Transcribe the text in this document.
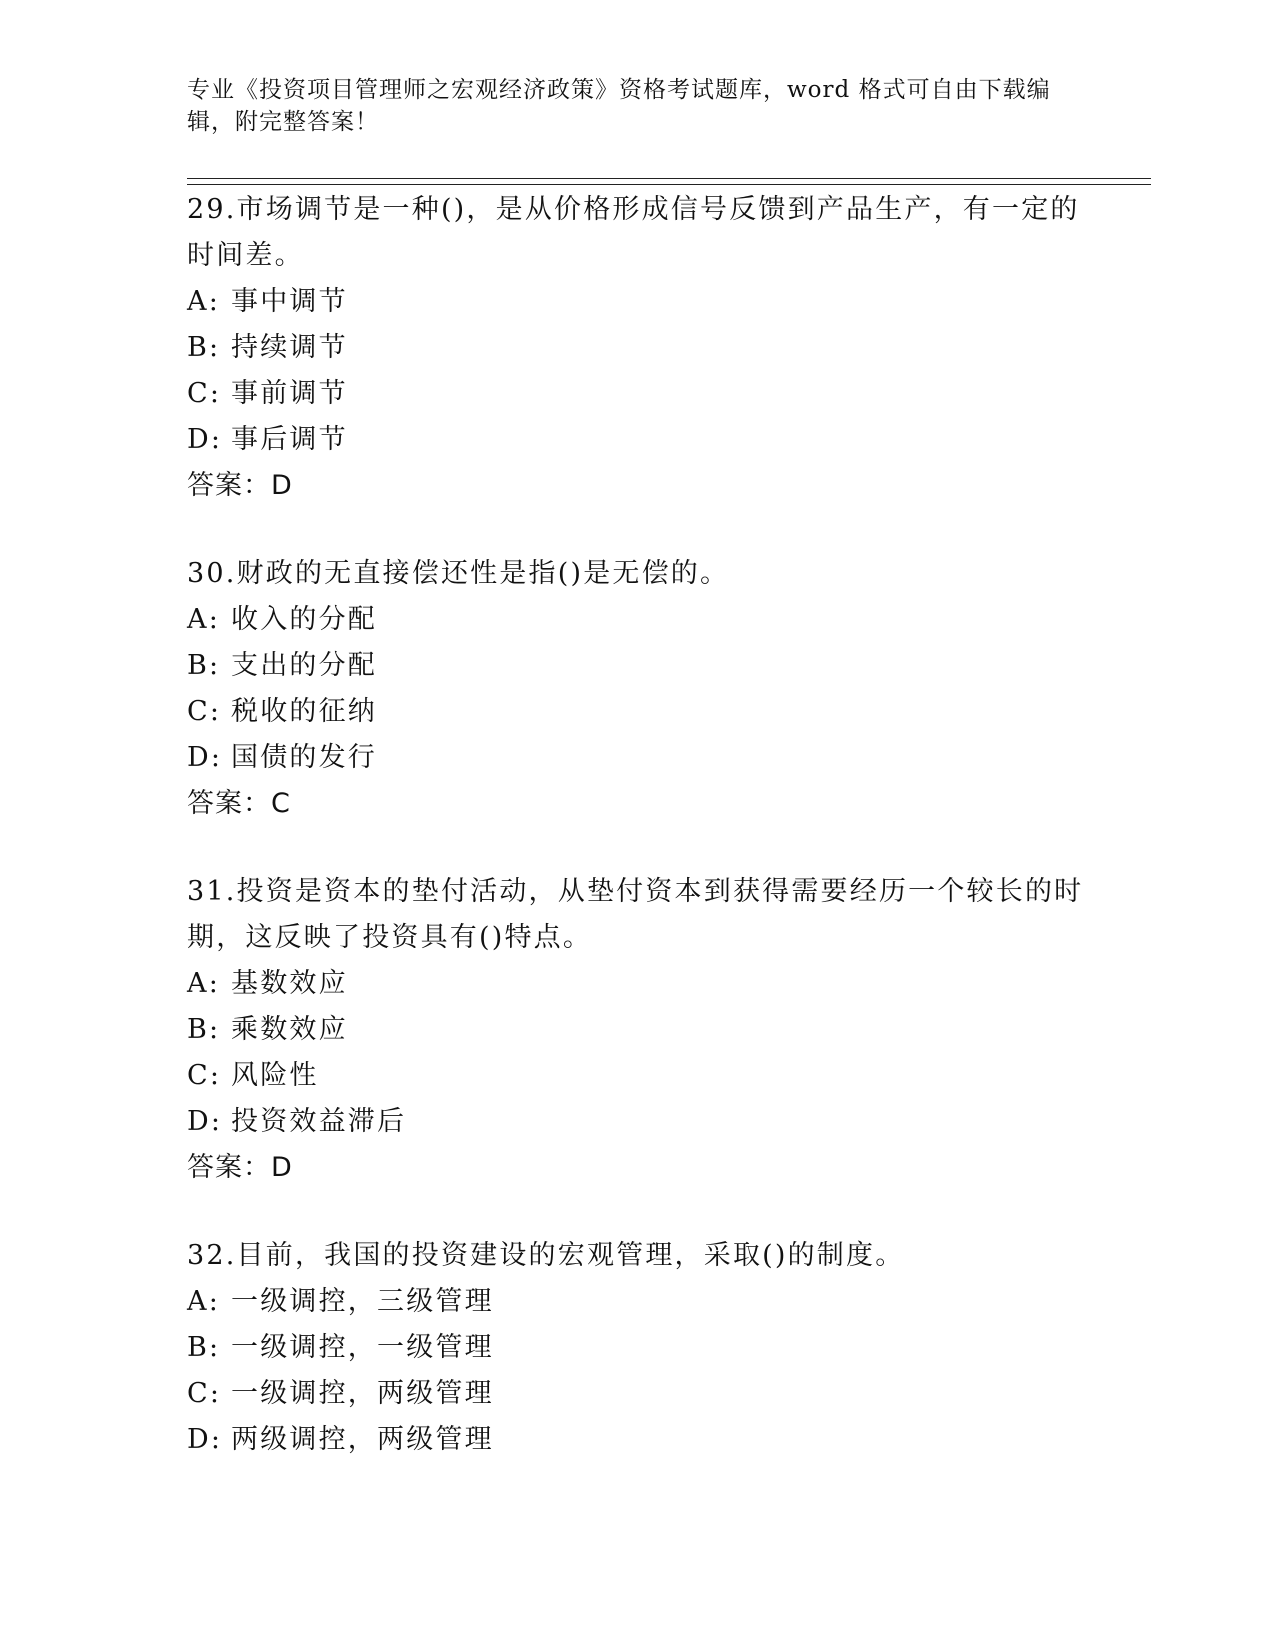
专业《投资项目管理师之宏观经济政策》资格考试题库，word 格式可自由下载编辑，附完整答案！

29.市场调节是一种()，是从价格形成信号反馈到产品生产，有一定的时间差。

A: 事中调节
B: 持续调节
C: 事前调节
D: 事后调节
答案：D

30.财政的无直接偿还性是指()是无偿的。

A: 收入的分配
B: 支出的分配
C: 税收的征纳
D: 国债的发行
答案：C

31.投资是资本的垫付活动，从垫付资本到获得需要经历一个较长的时期，这反映了投资具有()特点。

A: 基数效应
B: 乘数效应
C: 风险性
D: 投资效益滞后
答案：D

32.目前，我国的投资建设的宏观管理，采取()的制度。

A: 一级调控，三级管理
B: 一级调控，一级管理
C: 一级调控，两级管理
D: 两级调控，两级管理
